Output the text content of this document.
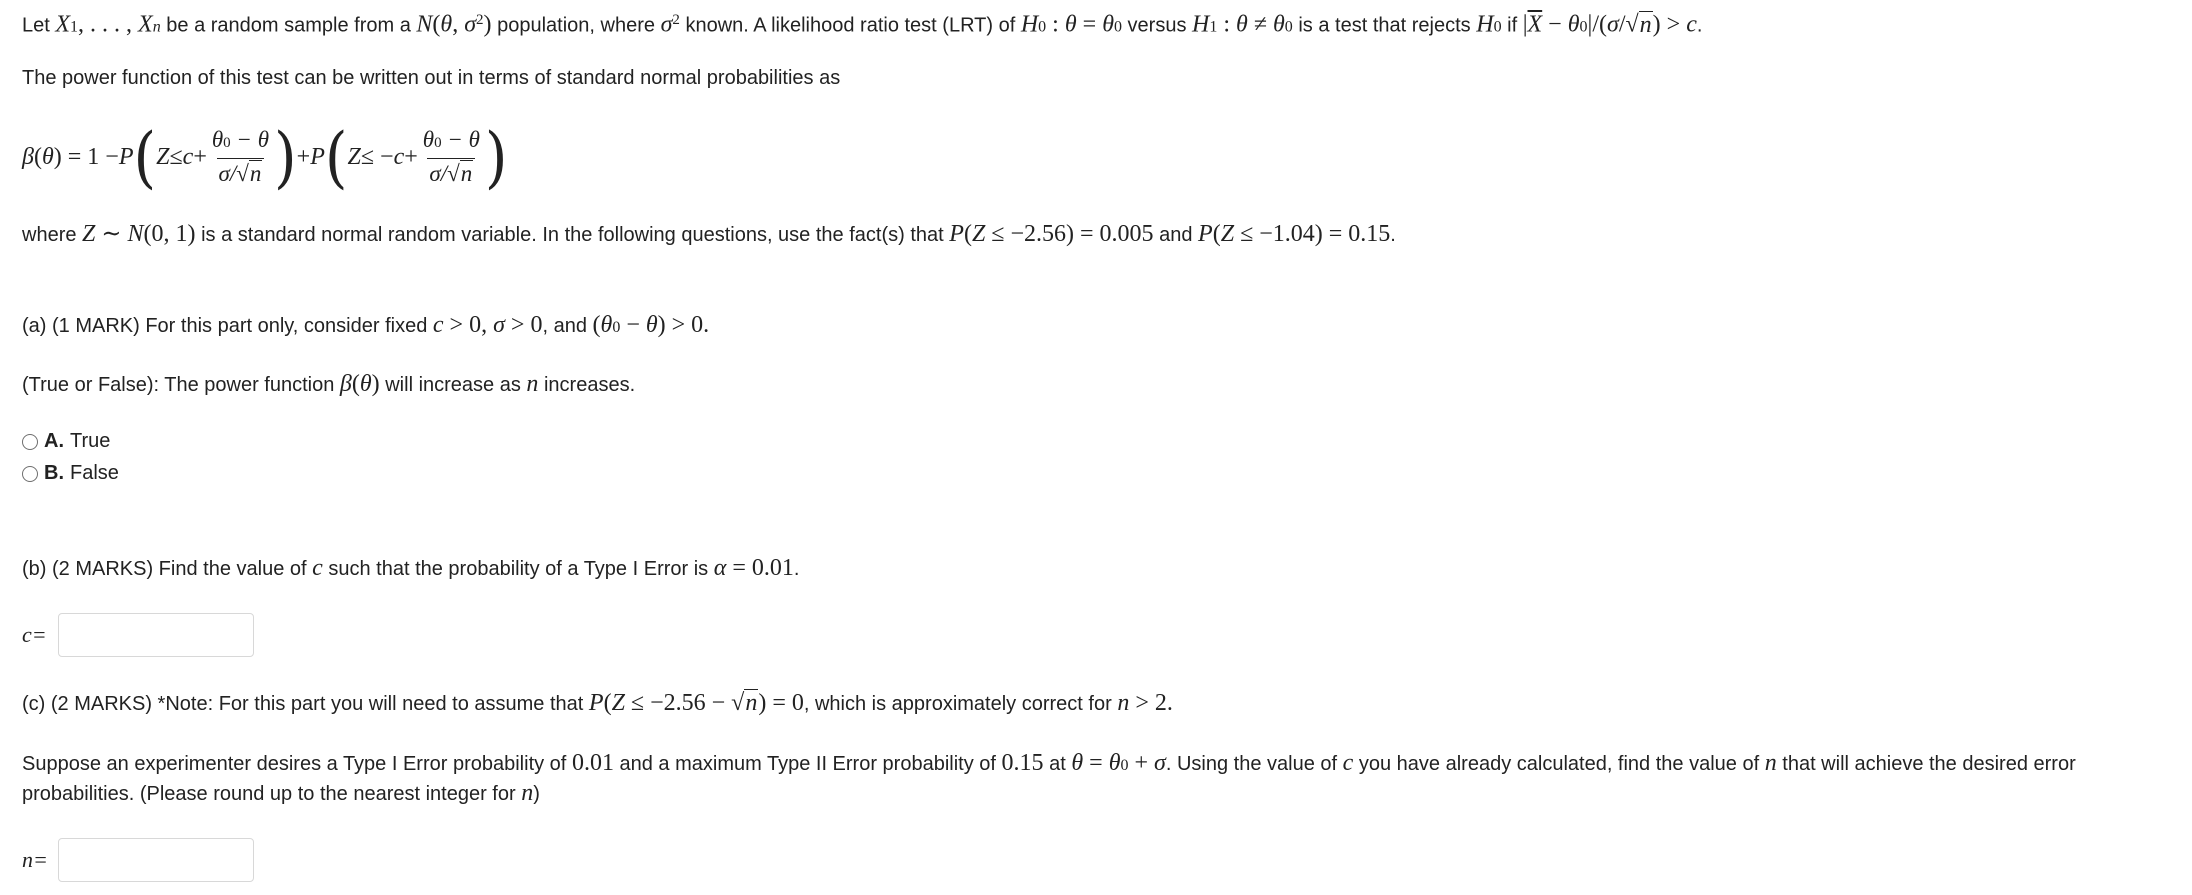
Let X1, . . . , Xn be a random sample from a N(θ, $\sigma^2$) population, where $\sigma^2$ known. A likelihood ratio test (LRT) of H0 : θ = θ0 versus H1 : θ ≠ θ0 is a test that rejects H0 if $|\overline{X} - \theta 0|/(\sigma/√n) > c$.
The power function of this test can be written out in terms of standard normal probabilities as
β ( θ ) = 1 − P ( $Z \le c + \frac{\theta 0 - \theta}{\sigma/√n}$ ) + P ( Z ≤ − $c + \frac{\theta 0 - \theta}{\sigma/√n}$ )
where Z ∼ N(0, 1) is a standard normal random variable. In the following questions, use the fact(s) that P(Z ≤ −2.56) = 0.005 and P(Z ≤ −1.04) = 0.15.
(a) (1 MARK) For this part only, consider fixed c > 0, σ > 0, and (θ0 − θ) > 0.
(True or False): The power function β(θ) will increase as n increases.
A. True
B. False
(b) (2 MARKS) Find the value of c such that the probability of a Type I Error is α = 0.01.
c=
(c) (2 MARKS) *Note: For this part you will need to assume that P(Z ≤ −2.56 − √n) = 0, which is approximately correct for n > 2.
Suppose an experimenter desires a Type I Error probability of 0.01 and a maximum Type II Error probability of 0.15 at θ = θ0 + σ. Using the value of c you have already calculated, find the value of n that will achieve the desired error
probabilities. (Please round up to the nearest integer for n)
n=
